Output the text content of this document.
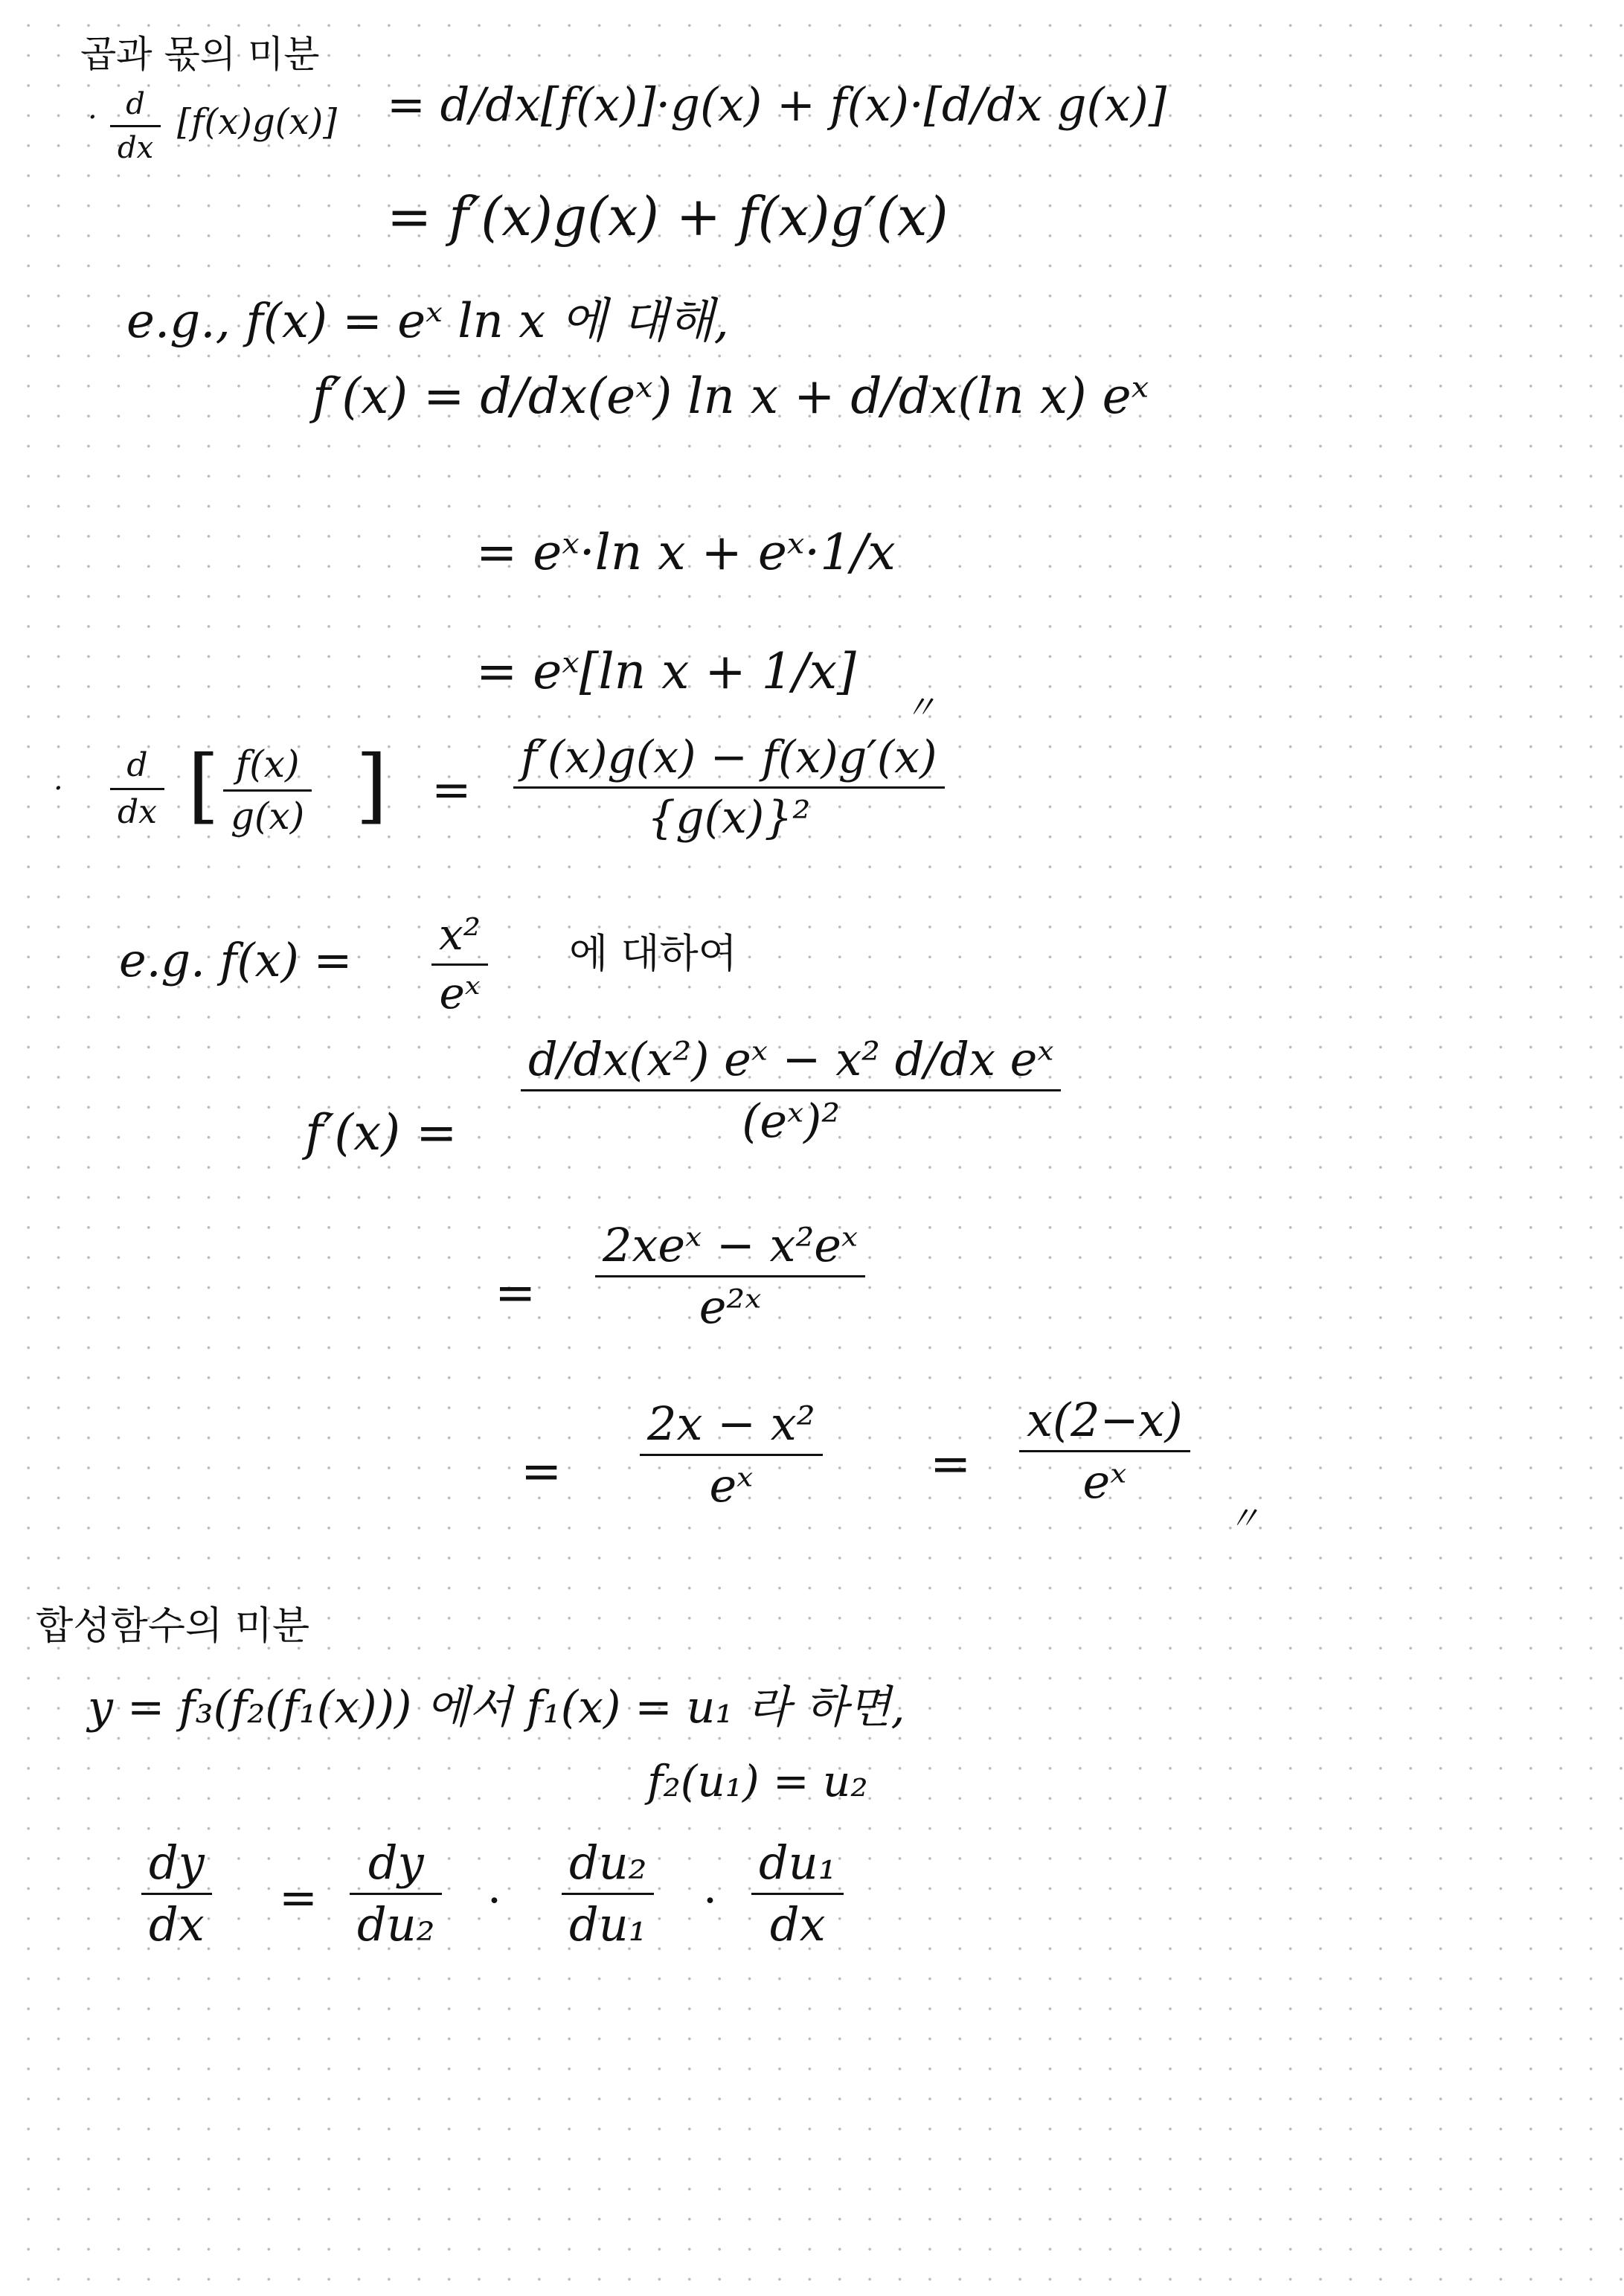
곱과 몫의 미분
· d
dx
[f(x)g(x)] = d/dx[f(x)]·g(x) + f(x)·[d/dx g(x)]
= f′(x)g(x) + f(x)g′(x)
e.g., f(x) = eˣ ln x 에 대해,
f′(x) = d/dx(eˣ) ln x + d/dx(ln x) eˣ
= eˣ·ln x + eˣ·1/x
= eˣ[ln x + 1/x]
〃
·
d
dx [ f(x)
g(x) ] =
f′(x)g(x) − f(x)g′(x)
{g(x)}²
e.g. f(x) = x²
eˣ
에 대하여
f′(x) =
d/dx(x²) eˣ − x² d/dx eˣ
(eˣ)²
=
2xeˣ − x²eˣ
e²ˣ
=
2x − x²
eˣ	=
x(2−x)
eˣ
〃
합성함수의 미분
y = f₃(f₂(f₁(x))) 에서 f₁(x) = u₁ 라 하면,
f₂(u₁) = u₂
dy
dx =
dy
du₂ ·
du₂
du₁ ·
du₁
dx
